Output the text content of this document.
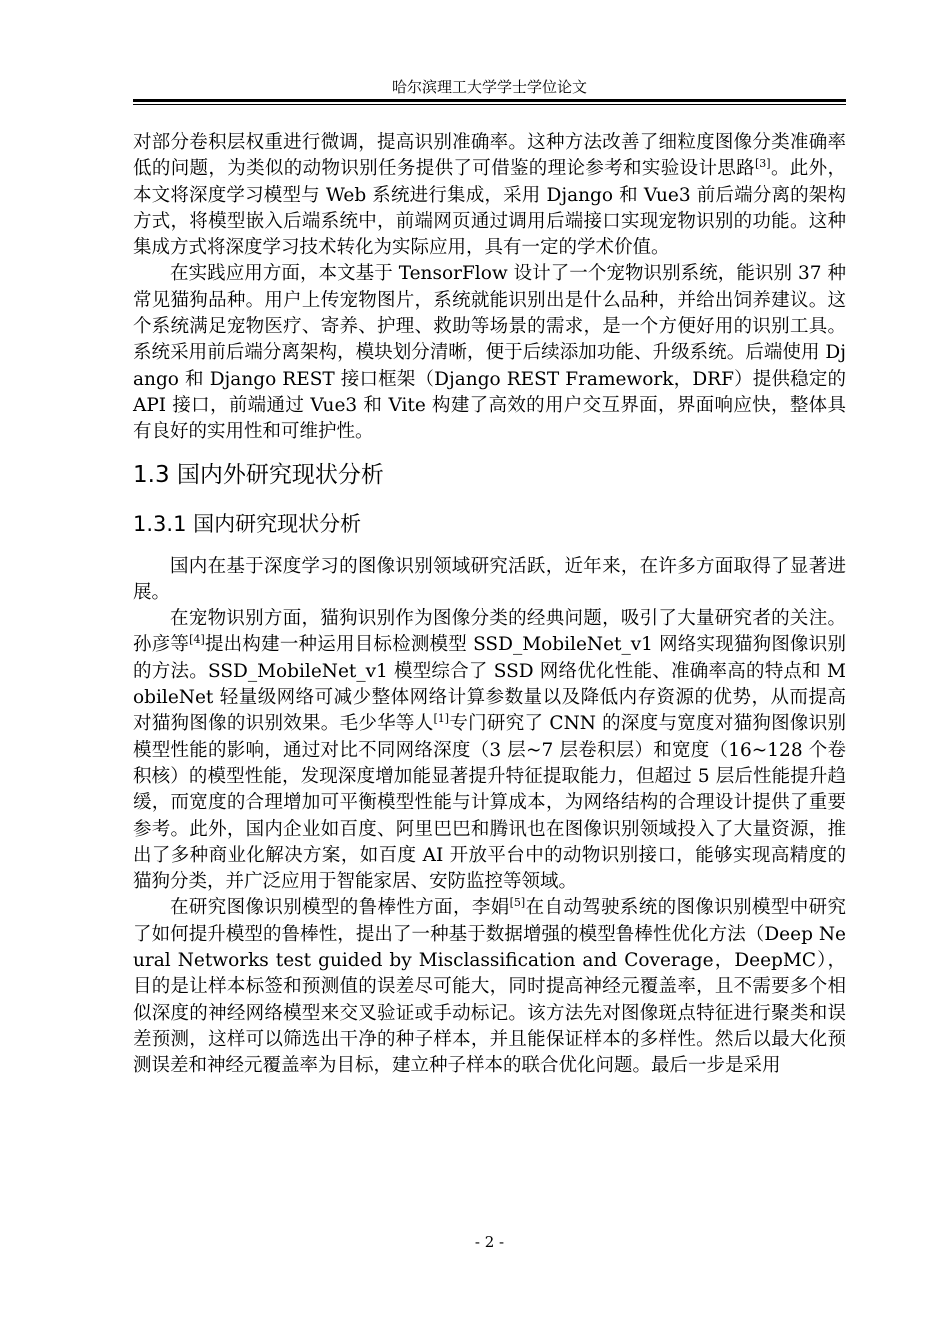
哈尔滨理工大学学士学位论文

对部分卷积层权重进行微调，提高识别准确率。这种方法改善了细粒度图像分类准确率低的问题，为类似的动物识别任务提供了可借鉴的理论参考和实验设计思路[3]。此外，本文将深度学习模型与 Web 系统进行集成，采用 Django 和 Vue3 前后端分离的架构方式，将模型嵌入后端系统中，前端网页通过调用后端接口实现宠物识别的功能。这种集成方式将深度学习技术转化为实际应用，具有一定的学术价值。

在实践应用方面，本文基于 TensorFlow 设计了一个宠物识别系统，能识别 37 种常见猫狗品种。用户上传宠物图片，系统就能识别出是什么品种，并给出饲养建议。这个系统满足宠物医疗、寄养、护理、救助等场景的需求，是一个方便好用的识别工具。系统采用前后端分离架构，模块划分清晰，便于后续添加功能、升级系统。后端使用 Django 和 Django REST 接口框架（Django REST Framework，DRF）提供稳定的 API 接口，前端通过 Vue3 和 Vite 构建了高效的用户交互界面，界面响应快，整体具有良好的实用性和可维护性。

1.3 国内外研究现状分析
1.3.1 国内研究现状分析

国内在基于深度学习的图像识别领域研究活跃，近年来，在许多方面取得了显著进展。

在宠物识别方面，猫狗识别作为图像分类的经典问题，吸引了大量研究者的关注。孙彦等[4]提出构建一种运用目标检测模型 SSD_MobileNet_v1 网络实现猫狗图像识别的方法。SSD_MobileNet_v1 模型综合了 SSD 网络优化性能、准确率高的特点和 MobileNet 轻量级网络可减少整体网络计算参数量以及降低内存资源的优势，从而提高对猫狗图像的识别效果。毛少华等人[1]专门研究了 CNN 的深度与宽度对猫狗图像识别模型性能的影响，通过对比不同网络深度（3 层~7 层卷积层）和宽度（16~128 个卷积核）的模型性能，发现深度增加能显著提升特征提取能力，但超过 5 层后性能提升趋缓，而宽度的合理增加可平衡模型性能与计算成本，为网络结构的合理设计提供了重要参考。此外，国内企业如百度、阿里巴巴和腾讯也在图像识别领域投入了大量资源，推出了多种商业化解决方案，如百度 AI 开放平台中的动物识别接口，能够实现高精度的猫狗分类，并广泛应用于智能家居、安防监控等领域。

在研究图像识别模型的鲁棒性方面，李娟[5]在自动驾驶系统的图像识别模型中研究了如何提升模型的鲁棒性，提出了一种基于数据增强的模型鲁棒性优化方法（Deep Neural Networks test guided by Misclassification and Coverage，DeepMC），目的是让样本标签和预测值的误差尽可能大，同时提高神经元覆盖率，且不需要多个相似深度的神经网络模型来交叉验证或手动标记。该方法先对图像斑点特征进行聚类和误差预测，这样可以筛选出干净的种子样本，并且能保证样本的多样性。然后以最大化预测误差和神经元覆盖率为目标，建立种子样本的联合优化问题。最后一步是采用

- 2 -
